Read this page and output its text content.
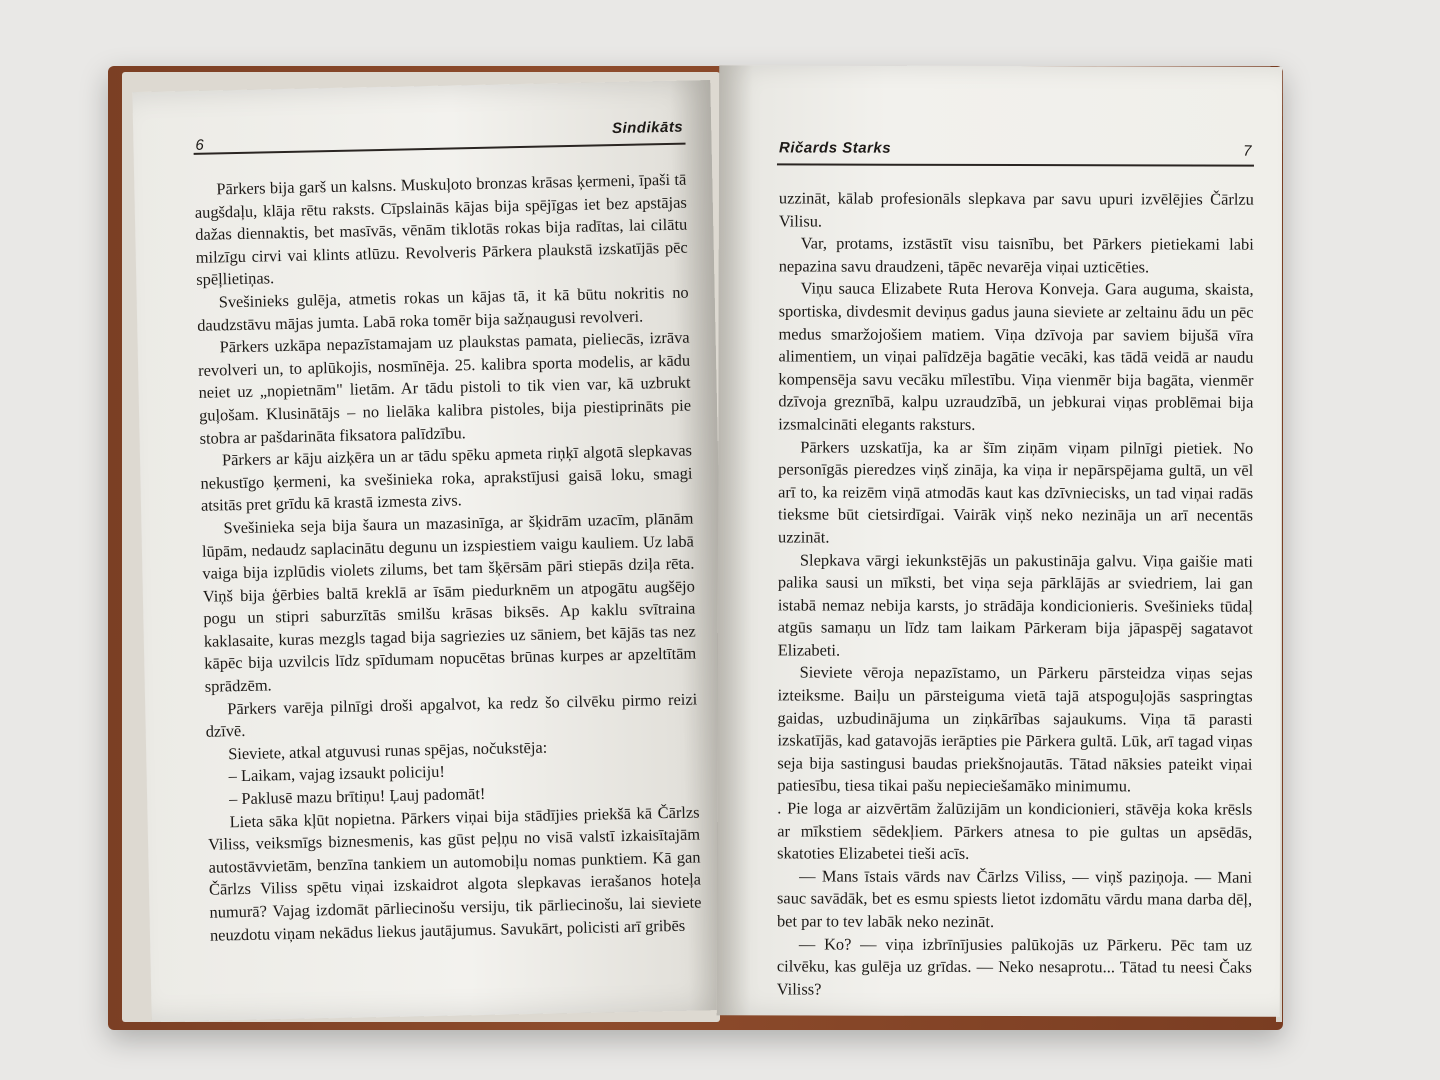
6
Sindikāts

Pārkers bija garš un kalsns. Muskuļoto bronzas krāsas ķermeni, īpaši tā augšdaļu, klāja rētu raksts. Cīpslainās kājas bija spējīgas iet bez apstājas dažas diennaktis, bet masīvās, vēnām tiklotās rokas bija radītas, lai cilātu milzīgu cirvi vai klints atlūzu. Revolveris Pārkera plaukstā izskatījās pēc spēļlietiņas.

Svešinieks gulēja, atmetis rokas un kājas tā, it kā būtu nokritis no daudzstāvu mājas jumta. Labā roka tomēr bija sažņaugusi revolveri.

Pārkers uzkāpa nepazīstamajam uz plaukstas pamata, pieliecās, izrāva revolveri un, to aplūkojis, nosmīnēja. 25. kalibra sporta modelis, ar kādu neiet uz „nopietnām" lietām. Ar tādu pistoli to tik vien var, kā uzbrukt guļošam. Klusinātājs – no lielāka kalibra pistoles, bija piestiprināts pie stobra ar pašdarināta fiksatora palīdzību.

Pārkers ar kāju aizķēra un ar tādu spēku apmeta riņķī algotā slepkavas nekustīgo ķermeni, ka svešinieka roka, aprakstījusi gaisā loku, smagi atsitās pret grīdu kā krastā izmesta zivs.

Svešinieka seja bija šaura un mazasinīga, ar šķidrām uzacīm, plānām lūpām, nedaudz saplacinātu degunu un izspiestiem vaigu kauliem. Uz labā vaiga bija izplūdis violets zilums, bet tam šķērsām pāri stiepās dziļa rēta. Viņš bija ģērbies baltā kreklā ar īsām piedurknēm un atpogātu augšējo pogu un stipri saburzītās smilšu krāsas biksēs. Ap kaklu svītraina kaklasaite, kuras mezgls tagad bija sagriezies uz sāniem, bet kājās tas nez kāpēc bija uzvilcis līdz spīdumam nopucētas brūnas kurpes ar apzeltītām sprādzēm.

Pārkers varēja pilnīgi droši apgalvot, ka redz šo cilvēku pirmo reizi dzīvē.

Sieviete, atkal atguvusi runas spējas, nočukstēja:

– Laikam, vajag izsaukt policiju!

– Paklusē mazu brītiņu! Ļauj padomāt!

Lieta sāka kļūt nopietna. Pārkers viņai bija stādījies priekšā kā Čārlzs Viliss, veiksmīgs biznesmenis, kas gūst peļņu no visā valstī izkaisītajām autostāvvietām, benzīna tankiem un automobiļu nomas punktiem. Kā gan Čārlzs Viliss spētu viņai izskaidrot algota slepkavas ierašanos hoteļa numurā? Vajag izdomāt pārliecinošu versiju, tik pārliecinošu, lai sieviete neuzdotu viņam nekādus liekus jautājumus. Savukārt, policisti arī gribēs

Ričards Starks	7

uzzināt, kālab profesionāls slepkava par savu upuri izvēlējies Čārlzu Vilisu.

Var, protams, izstāstīt visu taisnību, bet Pārkers pietiekami labi nepazina savu draudzeni, tāpēc nevarēja viņai uzticēties.

Viņu sauca Elizabete Ruta Herova Konveja. Gara auguma, skaista, sportiska, divdesmit deviņus gadus jauna sieviete ar zeltainu ādu un pēc medus smaržojošiem matiem. Viņa dzīvoja par saviem bijušā vīra alimentiem, un viņai palīdzēja bagātie vecāki, kas tādā veidā ar naudu kompensēja savu vecāku mīlestību. Viņa vienmēr bija bagāta, vienmēr dzīvoja greznībā, kalpu uzraudzībā, un jebkurai viņas problēmai bija izsmalcināti elegants raksturs.

Pārkers uzskatīja, ka ar šīm ziņām viņam pilnīgi pietiek. No personīgās pieredzes viņš zināja, ka viņa ir nepārspējama gultā, un vēl arī to, ka reizēm viņā atmodās kaut kas dzīvniecisks, un tad viņai radās tieksme būt cietsirdīgai. Vairāk viņš neko nezināja un arī necentās uzzināt.

Slepkava vārgi iekunkstējās un pakustināja galvu. Viņa gaišie mati palika sausi un mīksti, bet viņa seja pārklājās ar sviedriem, lai gan istabā nemaz nebija karsts, jo strādāja kondicionieris. Svešinieks tūdaļ atgūs samaņu un līdz tam laikam Pārkeram bija jāpaspēj sagatavot Elizabeti.

Sieviete vēroja nepazīstamo, un Pārkeru pārsteidza viņas sejas izteiksme. Baiļu un pārsteiguma vietā tajā atspoguļojās saspringtas gaidas, uzbudinājuma un ziņkārības sajaukums. Viņa tā parasti izskatījās, kad gatavojās ierāpties pie Pārkera gultā. Lūk, arī tagad viņas seja bija sastingusi baudas priekšnojautās. Tātad nāksies pateikt viņai patiesību, tiesa tikai pašu nepieciešamāko minimumu.

. Pie loga ar aizvērtām žalūzijām un kondicionieri, stāvēja koka krēsls ar mīkstiem sēdekļiem. Pārkers atnesa to pie gultas un apsēdās, skatoties Elizabetei tieši acīs.

— Mans īstais vārds nav Čārlzs Viliss, — viņš paziņoja. — Mani sauc savādāk, bet es esmu spiests lietot izdomātu vārdu mana darba dēļ, bet par to tev labāk neko nezināt.

— Ko? — viņa izbrīnījusies palūkojās uz Pārkeru. Pēc tam uz cilvēku, kas gulēja uz grīdas. — Neko nesaprotu... Tātad tu neesi Čaks Viliss?
